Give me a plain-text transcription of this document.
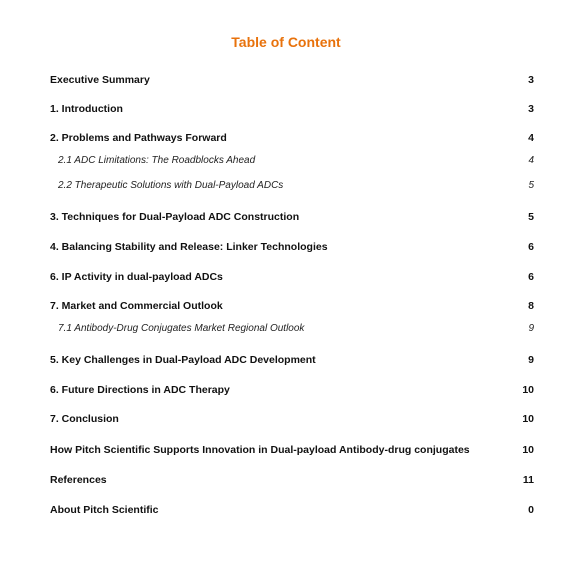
Table of Content
Executive Summary	3
1. Introduction	3
2. Problems and Pathways Forward	4
2.1 ADC Limitations: The Roadblocks Ahead	4
2.2 Therapeutic Solutions with Dual-Payload ADCs	5
3. Techniques for Dual-Payload ADC Construction	5
4. Balancing Stability and Release: Linker Technologies	6
6. IP Activity in dual-payload ADCs	6
7. Market and Commercial Outlook	8
7.1 Antibody-Drug Conjugates Market Regional Outlook	9
5. Key Challenges in Dual-Payload ADC Development	9
6. Future Directions in ADC Therapy	10
7. Conclusion	10
How Pitch Scientific Supports Innovation in Dual-payload Antibody-drug conjugates	10
References	11
About Pitch Scientific	0
